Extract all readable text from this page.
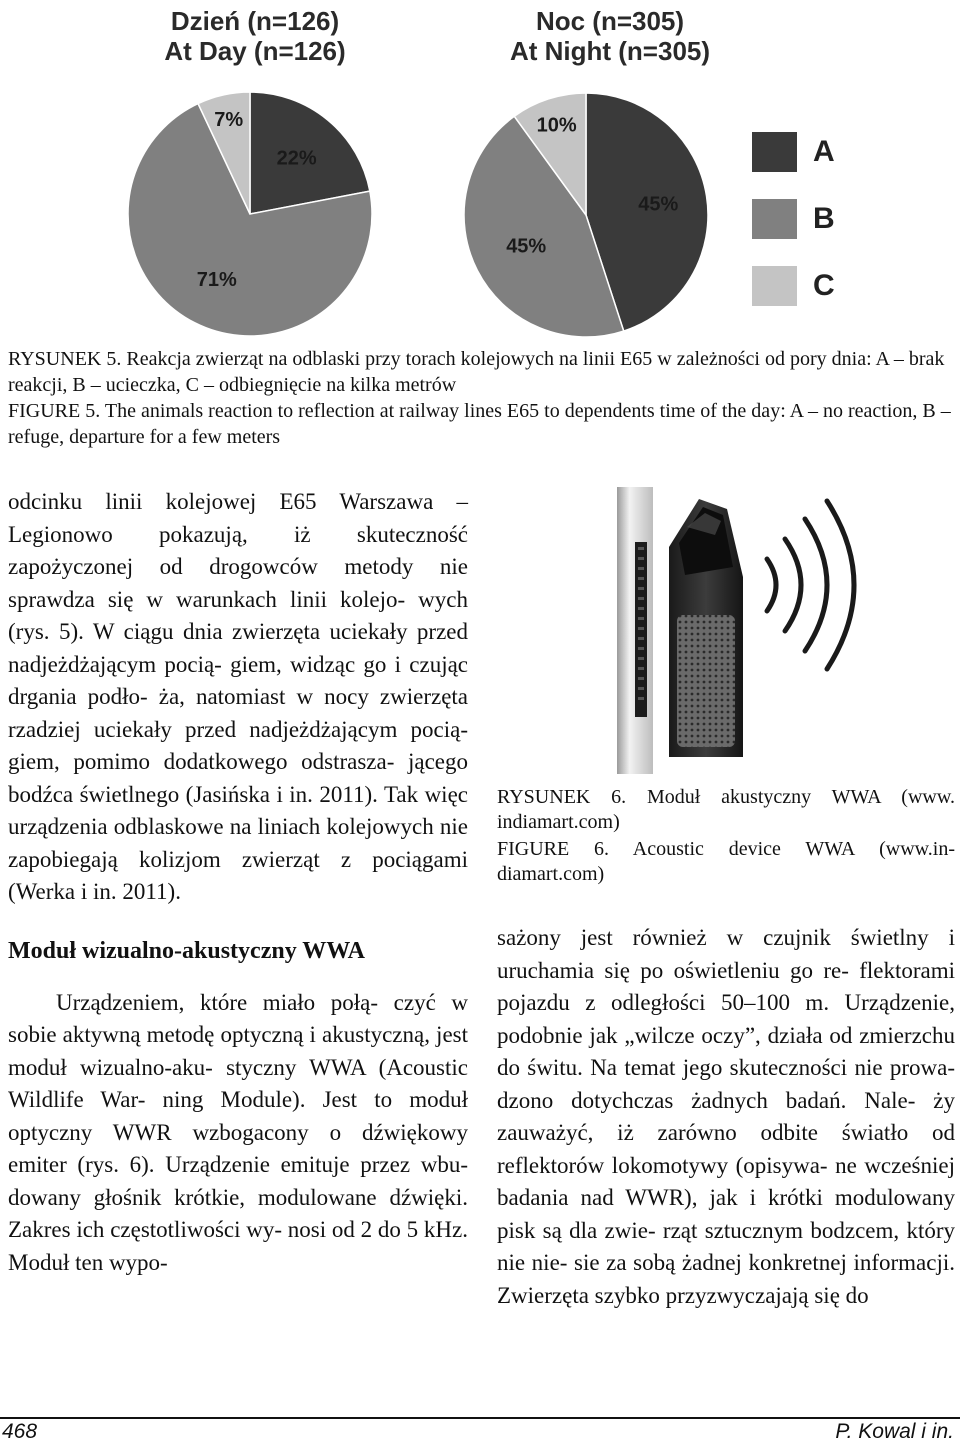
Dzień (n=126)
At Day (n=126)
Noc (n=305)
At Night (n=305)
22%
71%
7%
45%
45%
10%
A
B
C

RYSUNEK 5. Reakcja zwierząt na odblaski przy torach kolejowych na linii E65 w zależności od pory dnia: A – brak reakcji, B – ucieczka, C – odbiegnięcie na kilka metrów

FIGURE 5. The animals reaction to reflection at railway lines E65 to dependents time of the day: A – no reaction, B – refuge, departure for a few meters

odcinku linii kolejowej E65 Warszawa – Legionowo pokazują, iż skuteczność zapożyczonej od drogowców metody nie sprawdza się w warunkach linii kolejo- wych (rys. 5). W ciągu dnia zwierzęta uciekały przed nadjeżdżającym pocią- giem, widząc go i czując drgania podło- ża, natomiast w nocy zwierzęta rzadziej uciekały przed nadjeżdżającym pocią- giem, pomimo dodatkowego odstrasza- jącego bodźca świetlnego (Jasińska i in. 2011). Tak więc urządzenia odblaskowe na liniach kolejowych nie zapobiegają kolizjom zwierząt z pociągami (Werka i in. 2011).

Moduł wizualno-akustyczny WWA

Urządzeniem, które miało połą- czyć w sobie aktywną metodę optyczną i akustyczną, jest moduł wizualno-aku- styczny WWA (Acoustic Wildlife War- ning Module). Jest to moduł optyczny WWR wzbogacony o dźwiękowy emiter (rys. 6). Urządzenie emituje przez wbu- dowany głośnik krótkie, modulowane dźwięki. Zakres ich częstotliwości wy- nosi od 2 do 5 kHz. Moduł ten wypo-

RYSUNEK 6. Moduł akustyczny WWA (www. indiamart.com)

FIGURE 6. Acoustic device WWA (www.in- diamart.com)

sażony jest również w czujnik świetlny i uruchamia się po oświetleniu go re- flektorami pojazdu z odległości 50–100 m. Urządzenie, podobnie jak „wilcze oczy”, działa od zmierzchu do świtu. Na temat jego skuteczności nie prowa- dzono dotychczas żadnych badań. Nale- ży zauważyć, iż zarówno odbite światło od reflektorów lokomotywy (opisywa- ne wcześniej badania nad WWR), jak i krótki modulowany pisk są dla zwie- rząt sztucznym bodzcem, który nie nie- sie za sobą żadnej konkretnej informacji. Zwierzęta szybko przyzwyczajają się do

468	P. Kowal i in.
